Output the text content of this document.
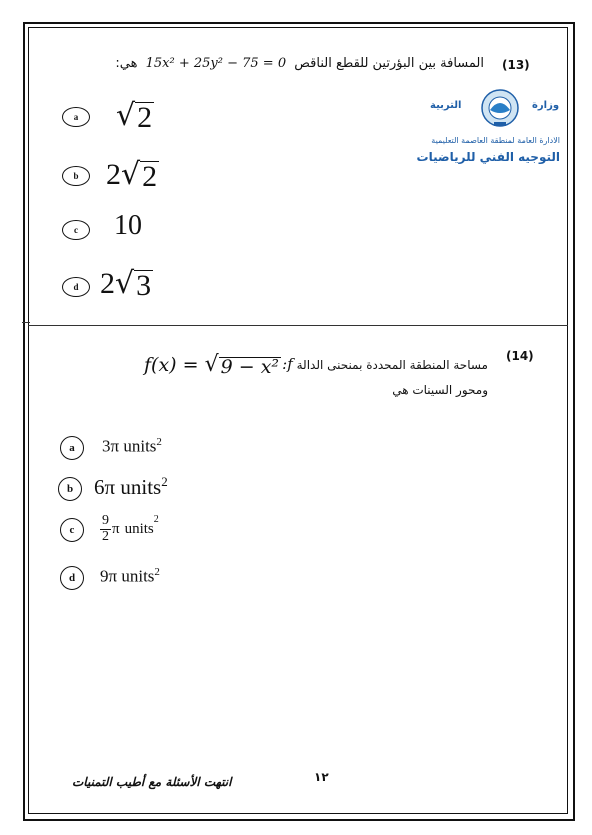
(13)
المسافة بين البؤرتين للقطع الناقص 15x² + 25y² − 75 = 0 هي:
التربية	وزارة
الادارة العامة لمنطقة العاصمة التعليمية
التوجيه الفني للرياضيات
a	√ 2
b 2 √ 2
c	10
d 2 √ 3
(14)
مساحة المنطقة المحددة بمنحنى الدالة f:
f(x) = √ 9 − x²
ومحور السينات هي
a	3π units$^2$
b 6π units$^2$
c	$\frac{9}{2}$ π units
$^2$
d	9π units$^2$
١٢
انتهت الأسئلة مع أطيب التمنيات
